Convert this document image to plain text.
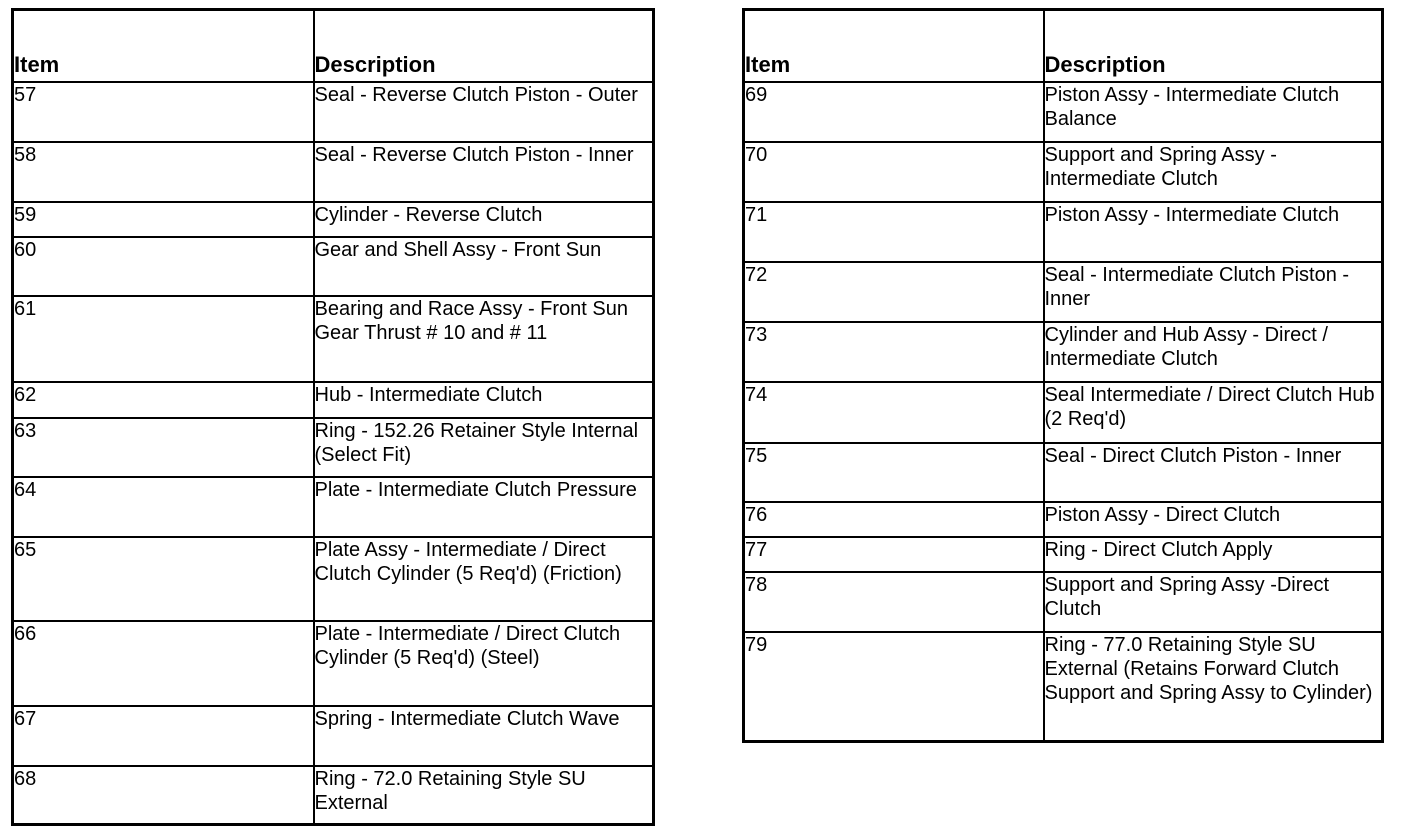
Item	Description
57	Seal - Reverse Clutch Piston - Outer
58	Seal - Reverse Clutch Piston - Inner
59	Cylinder - Reverse Clutch
60	Gear and Shell Assy - Front Sun
61	Bearing and Race Assy - Front Sun Gear Thrust # 10 and # 11
62	Hub - Intermediate Clutch
63	Ring - 152.26 Retainer Style Internal (Select Fit)
64	Plate - Intermediate Clutch Pressure
65	Plate Assy - Intermediate / Direct Clutch Cylinder (5 Req'd) (Friction)
66	Plate - Intermediate / Direct Clutch Cylinder (5 Req'd) (Steel)
67	Spring - Intermediate Clutch Wave
68	Ring - 72.0 Retaining Style SU External
Item	Description
69	Piston Assy - Intermediate Clutch Balance
70	Support and Spring Assy - Intermediate Clutch
71	Piston Assy - Intermediate Clutch
72	Seal - Intermediate Clutch Piston - Inner
73	Cylinder and Hub Assy - Direct / Intermediate Clutch
74	Seal Intermediate / Direct Clutch Hub (2 Req'd)
75	Seal - Direct Clutch Piston - Inner
76	Piston Assy - Direct Clutch
77	Ring - Direct Clutch Apply
78	Support and Spring Assy -Direct Clutch
79	Ring - 77.0 Retaining Style SU External (Retains Forward Clutch Support and Spring Assy to Cylinder)
